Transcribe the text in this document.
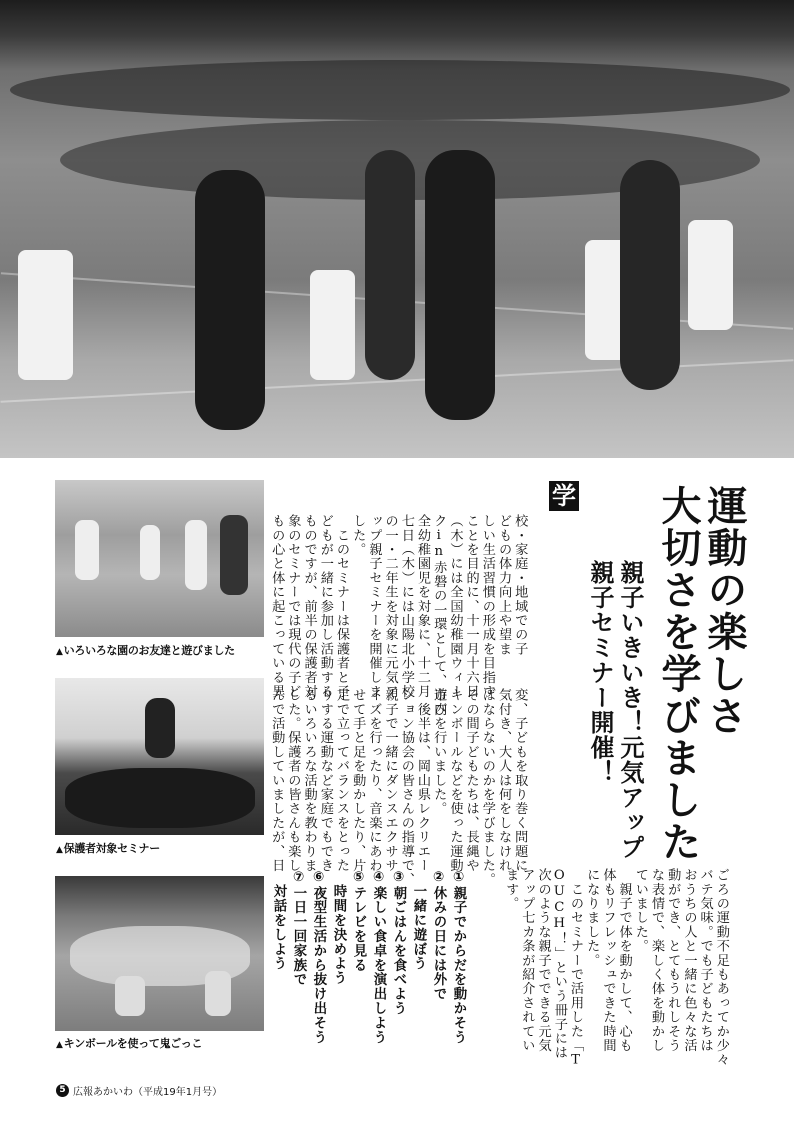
▲いろいろな園のお友達と遊びました
▲保護者対象セミナー
▲キンボールを使って鬼ごっこ
運動の楽しさ
大切さを学びました
親子いきいき！元気アップ
親子セミナー開催！
学
校・家庭・地域での子
どもの体力向上や望ま
しい生活習慣の形成を目指す
ことを目的に、十一月十六日
（木）には全国幼稚園ウィー
クin赤磐の一環として、市内
全幼稚園児を対象に、十二月
七日（木）には山陽北小学校
の一・二年生を対象に元気ア
ップ親子セミナーを開催しま
した。
　このセミナーは保護者と子
どもが一緒に参加し活動する
ものですが、前半の保護者対
象のセミナーでは現代の子ど
もの心と体に起こっている異
変、子どもを取り巻く問題に
気付き、大人は何をしなけれ
ばならないのかを学びました。
その間子どもたちは、長縄や
キンボールなどを使った運動
遊びを行いました。
　後半は、岡山県レクリエー
ション協会の皆さんの指導で、
親子で一緒にダンスエクササ
イズを行ったり、音楽にあわ
せて手と足を動かしたり、片
足で立ってバランスをとった
りする運動など家庭でもでき
るいろいろな活動を教わりま
した。保護者の皆さんも楽し
んで活動していましたが、日
ごろの運動不足もあってか少々
バテ気味。でも子どもたちは
おうちの人と一緒に色々な活
動ができ、とてもうれしそう
な表情で、楽しく体を動かし
ていました。
　親子で体を動かして、心も
体もリフレッシュできた時間
になりました。
　このセミナーで活用した「T
OUCH！」という冊子には
次のような親子でできる元気
アップ七カ条が紹介されてい
ます。
①親子でからだを動かそう
②休みの日には外で
　一緒に遊ぼう
③朝ごはんを食べよう
④楽しい食卓を演出しよう
⑤テレビを見る
　時間を決めよう
⑥夜型生活から抜け出そう
⑦一日一回家族で
　対話をしよう
5 広報あかいわ（平成19年1月号）
